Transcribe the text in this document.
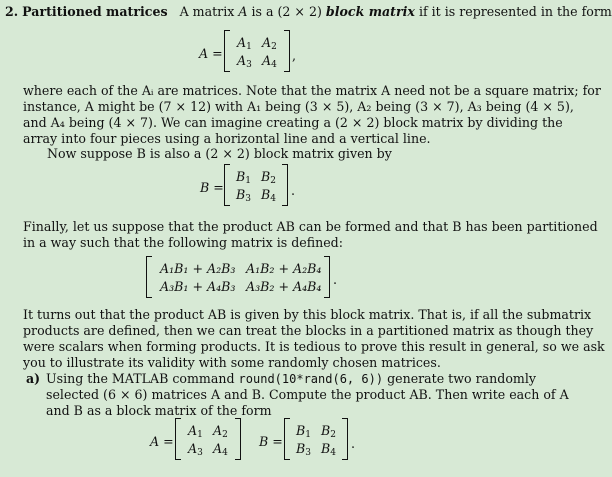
2. Partitioned matrices A matrix A is a (2 × 2) block matrix if it is represented in the form
A =
$A_1$ $A_2$
$A_3$ $A_4$
,
where each of the Aᵢ are matrices. Note that the matrix A need not be a square matrix; for
instance, A might be (7 × 12) with A₁ being (3 × 5), A₂ being (3 × 7), A₃ being (4 × 5),
and A₄ being (4 × 7). We can imagine creating a (2 × 2) block matrix by dividing the
array into four pieces using a horizontal line and a vertical line.
Now suppose B is also a (2 × 2) block matrix given by
B =
$B_1$ $B_2$
$B_3$ $B_4$
.
Finally, let us suppose that the product AB can be formed and that B has been partitioned
in a way such that the following matrix is defined:
A₁B₁ + A₂B₃ A₁B₂ + A₂B₄
A₃B₁ + A₄B₃ A₃B₂ + A₄B₄ .
It turns out that the product AB is given by this block matrix. That is, if all the submatrix
products are defined, then we can treat the blocks in a partitioned matrix as though they
were scalars when forming products. It is tedious to prove this result in general, so we ask
you to illustrate its validity with some randomly chosen matrices.
a) Using the MATLAB command round(10*rand(6, 6)) generate two randomly
selected (6 × 6) matrices A and B. Compute the product AB. Then write each of A
and B as a block matrix of the form
A =
$A_1$ $A_2$
$A_3$ $A_4$
B =
$B_1$ $B_2$
$B_3$ $B_4$
.
